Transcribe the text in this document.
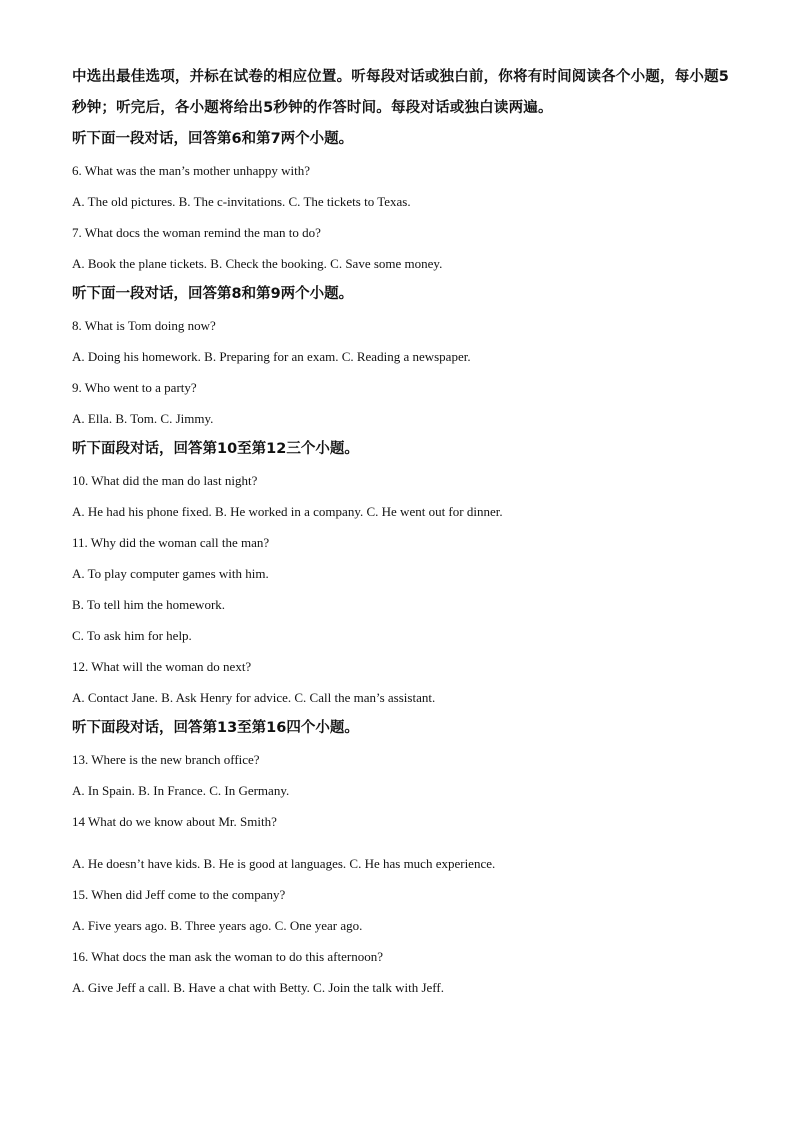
中选出最佳选项，并标在试卷的相应位置。听每段对话或独白前，你将有时间阅读各个小题，每小题5秒钟；听完后，各小题将给出5秒钟的作答时间。每段对话或独白读两遍。

听下面一段对话，回答第6和第7两个小题。

6. What was the man’s mother unhappy with?

A. The old pictures. B. The c-invitations. C. The tickets to Texas.

7. What docs the woman remind the man to do?

A. Book the plane tickets. B. Check the booking. C. Save some money.

听下面一段对话，回答第8和第9两个小题。

8. What is Tom doing now?

A. Doing his homework. B. Preparing for an exam. C. Reading a newspaper.

9. Who went to a party?

A. Ella. B. Tom. C. Jimmy.

听下面段对话，回答第10至第12三个小题。

10. What did the man do last night?

A. He had his phone fixed. B. He worked in a company. C. He went out for dinner.

11. Why did the woman call the man?

A. To play computer games with him.

B. To tell him the homework.

C. To ask him for help.

12. What will the woman do next?

A. Contact Jane. B. Ask Henry for advice. C. Call the man’s assistant.

听下面段对话，回答第13至第16四个小题。

13. Where is the new branch office?

A. In Spain. B. In France. C. In Germany.

14 What do we know about Mr. Smith?

A. He doesn’t have kids. B. He is good at languages. C. He has much experience.

15. When did Jeff come to the company?

A. Five years ago. B. Three years ago. C. One year ago.

16. What docs the man ask the woman to do this afternoon?

A. Give Jeff a call. B. Have a chat with Betty. C. Join the talk with Jeff.
